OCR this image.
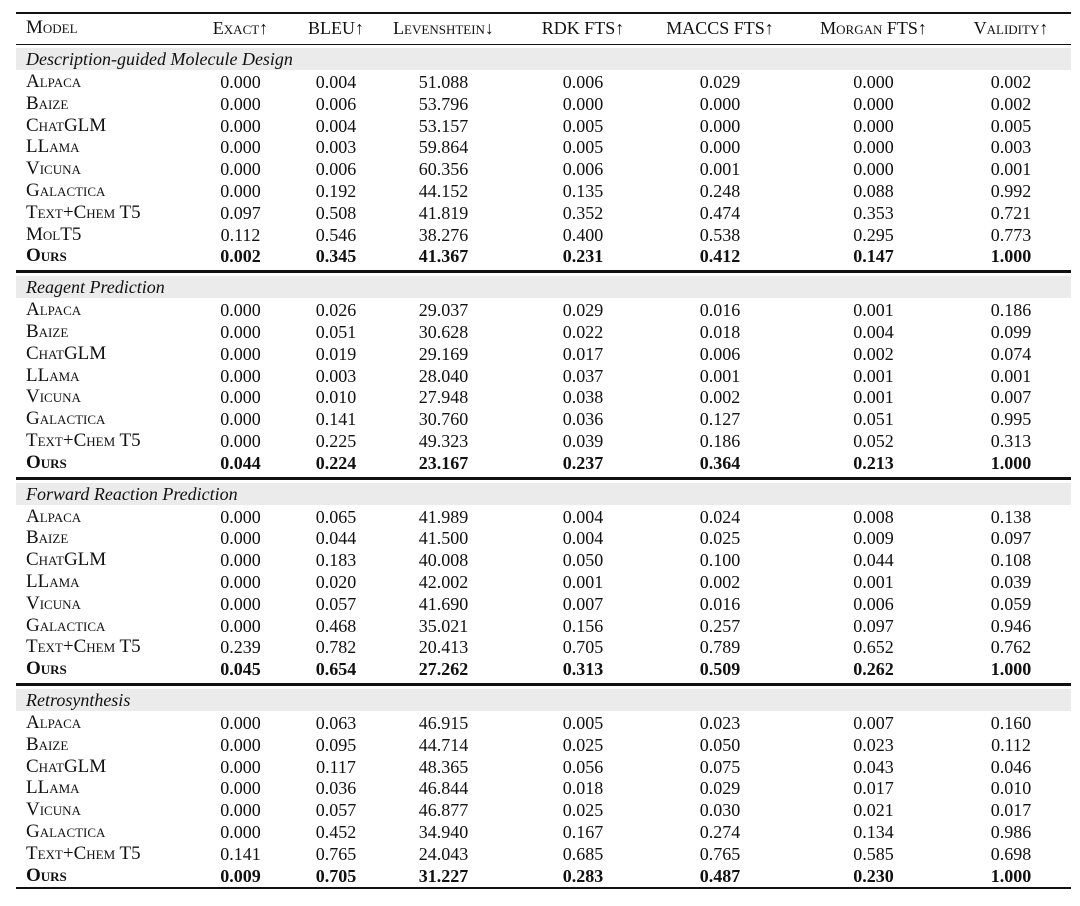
Model	Exact↑	BLEU↑	Levenshtein↓	RDK FTS↑	MACCS FTS↑	Morgan FTS↑	Validity↑
Description-guided Molecule Design
Alpaca	0.000	0.004	51.088	0.006	0.029	0.000	0.002
Baize	0.000	0.006	53.796	0.000	0.000	0.000	0.002
ChatGLM	0.000	0.004	53.157	0.005	0.000	0.000	0.005
LLama	0.000	0.003	59.864	0.005	0.000	0.000	0.003
Vicuna	0.000	0.006	60.356	0.006	0.001	0.000	0.001
Galactica	0.000	0.192	44.152	0.135	0.248	0.088	0.992
Text+Chem T5	0.097	0.508	41.819	0.352	0.474	0.353	0.721
MolT5	0.112	0.546	38.276	0.400	0.538	0.295	0.773
Ours	0.002	0.345	41.367	0.231	0.412	0.147	1.000
Reagent Prediction
Alpaca	0.000	0.026	29.037	0.029	0.016	0.001	0.186
Baize	0.000	0.051	30.628	0.022	0.018	0.004	0.099
ChatGLM	0.000	0.019	29.169	0.017	0.006	0.002	0.074
LLama	0.000	0.003	28.040	0.037	0.001	0.001	0.001
Vicuna	0.000	0.010	27.948	0.038	0.002	0.001	0.007
Galactica	0.000	0.141	30.760	0.036	0.127	0.051	0.995
Text+Chem T5	0.000	0.225	49.323	0.039	0.186	0.052	0.313
Ours	0.044	0.224	23.167	0.237	0.364	0.213	1.000
Forward Reaction Prediction
Alpaca	0.000	0.065	41.989	0.004	0.024	0.008	0.138
Baize	0.000	0.044	41.500	0.004	0.025	0.009	0.097
ChatGLM	0.000	0.183	40.008	0.050	0.100	0.044	0.108
LLama	0.000	0.020	42.002	0.001	0.002	0.001	0.039
Vicuna	0.000	0.057	41.690	0.007	0.016	0.006	0.059
Galactica	0.000	0.468	35.021	0.156	0.257	0.097	0.946
Text+Chem T5	0.239	0.782	20.413	0.705	0.789	0.652	0.762
Ours	0.045	0.654	27.262	0.313	0.509	0.262	1.000
Retrosynthesis
Alpaca	0.000	0.063	46.915	0.005	0.023	0.007	0.160
Baize	0.000	0.095	44.714	0.025	0.050	0.023	0.112
ChatGLM	0.000	0.117	48.365	0.056	0.075	0.043	0.046
LLama	0.000	0.036	46.844	0.018	0.029	0.017	0.010
Vicuna	0.000	0.057	46.877	0.025	0.030	0.021	0.017
Galactica	0.000	0.452	34.940	0.167	0.274	0.134	0.986
Text+Chem T5	0.141	0.765	24.043	0.685	0.765	0.585	0.698
Ours	0.009	0.705	31.227	0.283	0.487	0.230	1.000
